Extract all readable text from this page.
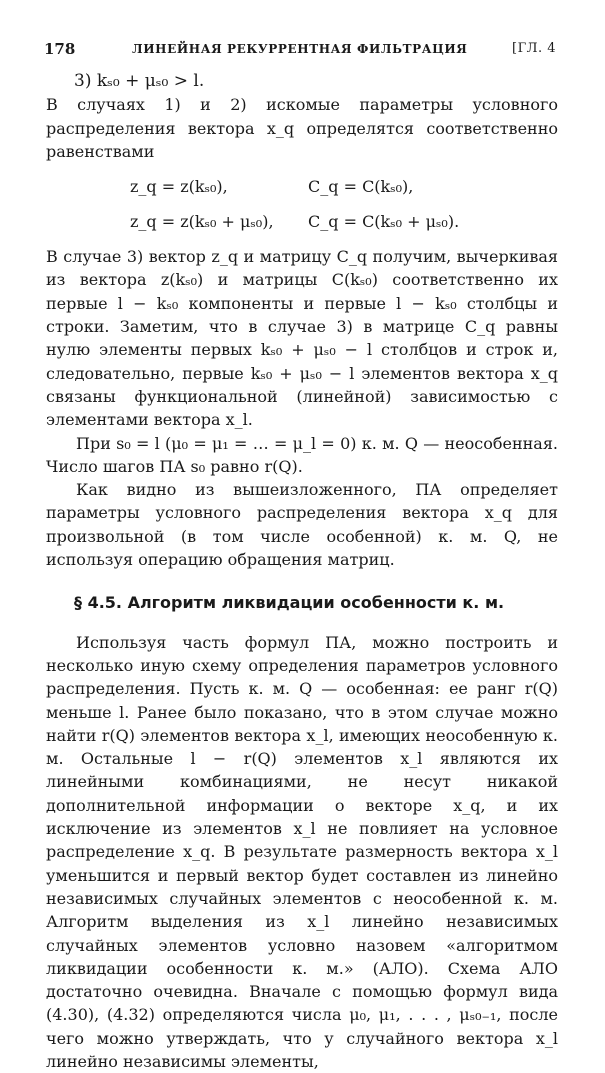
178	ЛИНЕЙНАЯ РЕКУРРЕНТНАЯ ФИЛЬТРАЦИЯ	[ГЛ. 4

3) kₛ₀ + μₛ₀ > l.

В случаях 1) и 2) искомые параметры условного распределения вектора x_q определятся соответственно равенствами

z_q = z(kₛ₀),	C_q = C(kₛ₀),
z_q = z(kₛ₀ + μₛ₀),	C_q = C(kₛ₀ + μₛ₀).

В случае 3) вектор z_q и матрицу C_q получим, вычеркивая из вектора z(kₛ₀) и матрицы C(kₛ₀) соответственно их первые l − kₛ₀ компоненты и первые l − kₛ₀ столбцы и строки. Заметим, что в случае 3) в матрице C_q равны нулю элементы первых kₛ₀ + μₛ₀ − l столбцов и строк и, следовательно, первые kₛ₀ + μₛ₀ − l элементов вектора x_q связаны функциональной (линейной) зависимостью с элементами вектора x_l.

При s₀ = l (μ₀ = μ₁ = … = μ_l = 0) к. м. Q — неособенная. Число шагов ПА s₀ равно r(Q).

Как видно из вышеизложенного, ПА определяет параметры условного распределения вектора x_q для произвольной (в том числе особенной) к. м. Q, не используя операцию обращения матриц.

§ 4.5. Алгоритм ликвидации особенности к. м.

Используя часть формул ПА, можно построить и несколько иную схему определения параметров условного распределения. Пусть к. м. Q — особенная: ее ранг r(Q) меньше l. Ранее было показано, что в этом случае можно найти r(Q) элементов вектора x_l, имеющих неособенную к. м. Остальные l − r(Q) элементов x_l являются их линейными комбинациями, не несут никакой дополнительной информации о векторе x_q, и их исключение из элементов x_l не повлияет на условное распределение x_q. В результате размерность вектора x_l уменьшится и первый вектор будет составлен из линейно независимых случайных элементов с неособенной к. м. Алгоритм выделения из x_l линейно независимых случайных элементов условно назовем «алгоритмом ликвидации особенности к. м.» (АЛО). Схема АЛО достаточно очевидна. Вначале с помощью формул вида (4.30), (4.32) определяются числа μ₀, μ₁, . . . , μₛ₀₋₁, после чего можно утверждать, что у случайного вектора x_l линейно независимы элементы,
